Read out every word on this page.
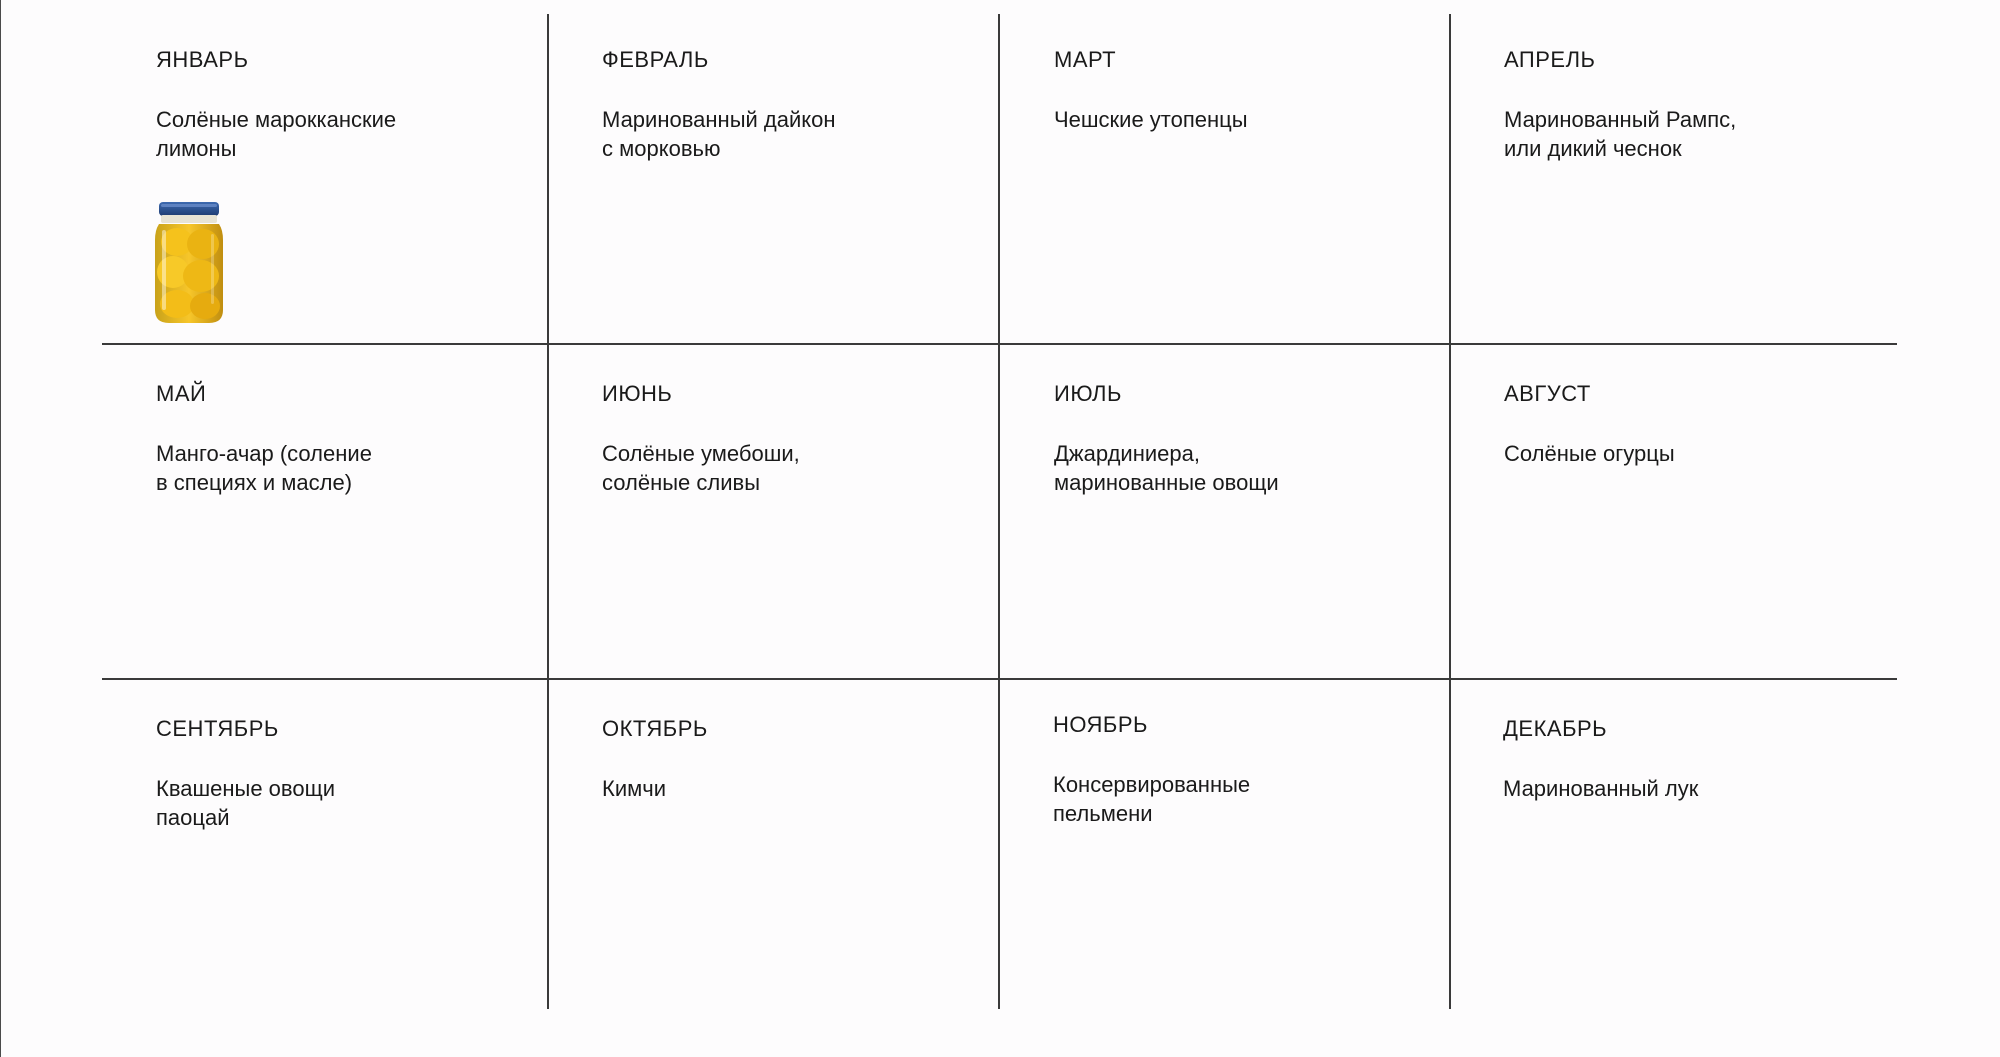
ЯНВАРЬ
Солёные марокканские
лимоны
ФЕВРАЛЬ
Маринованный дайкон
с морковью
МАРТ
Чешские утопенцы
АПРЕЛЬ
Маринованный Рампс,
или дикий чеснок
МАЙ
Манго-ачар (соление
в специях и масле)
ИЮНЬ
Солёные умебоши,
солёные сливы
ИЮЛЬ
Джардиниера,
маринованные овощи
АВГУСТ
Солёные огурцы
СЕНТЯБРЬ
Квашеные овощи
паоцай
ОКТЯБРЬ
Кимчи
НОЯБРЬ
Консервированные
пельмени
ДЕКАБРЬ
Маринованный лук
